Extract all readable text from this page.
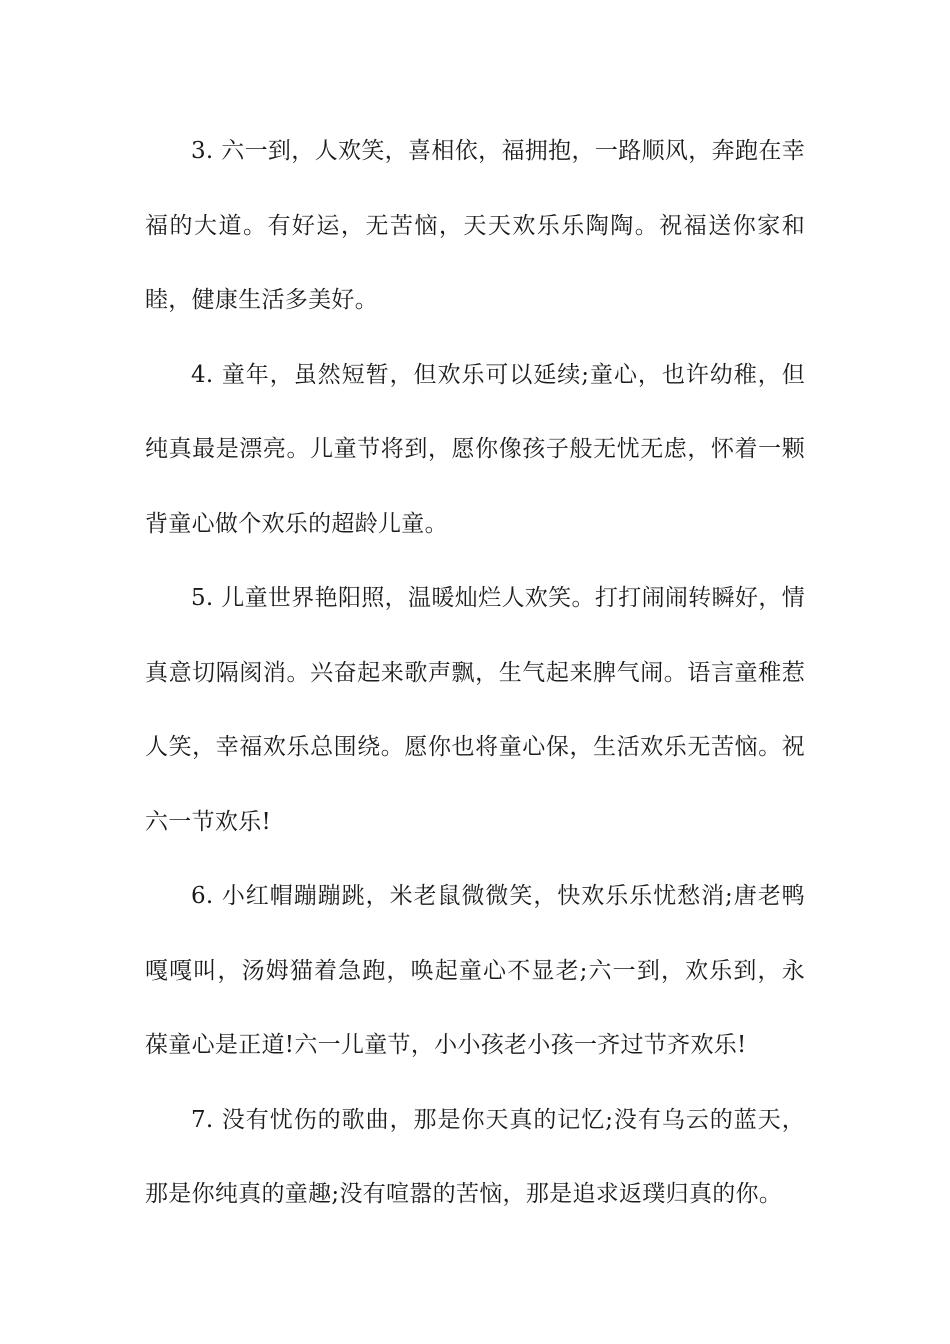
3. 六一到，人欢笑，喜相依，福拥抱，一路顺风，奔跑在幸福的大道。有好运，无苦恼，天天欢乐乐陶陶。祝福送你家和睦，健康生活多美好。

4. 童年，虽然短暂，但欢乐可以延续;童心，也许幼稚，但纯真最是漂亮。儿童节将到，愿你像孩子般无忧无虑，怀着一颗背童心做个欢乐的超龄儿童。

5. 儿童世界艳阳照，温暖灿烂人欢笑。打打闹闹转瞬好，情真意切隔阂消。兴奋起来歌声飘，生气起来脾气闹。语言童稚惹人笑，幸福欢乐总围绕。愿你也将童心保，生活欢乐无苦恼。祝六一节欢乐!

6. 小红帽蹦蹦跳，米老鼠微微笑，快欢乐乐忧愁消;唐老鸭嘎嘎叫，汤姆猫着急跑，唤起童心不显老;六一到，欢乐到，永葆童心是正道!六一儿童节，小小孩老小孩一齐过节齐欢乐!

7. 没有忧伤的歌曲，那是你天真的记忆;没有乌云的蓝天，那是你纯真的童趣;没有喧嚣的苦恼，那是追求返璞归真的你。
